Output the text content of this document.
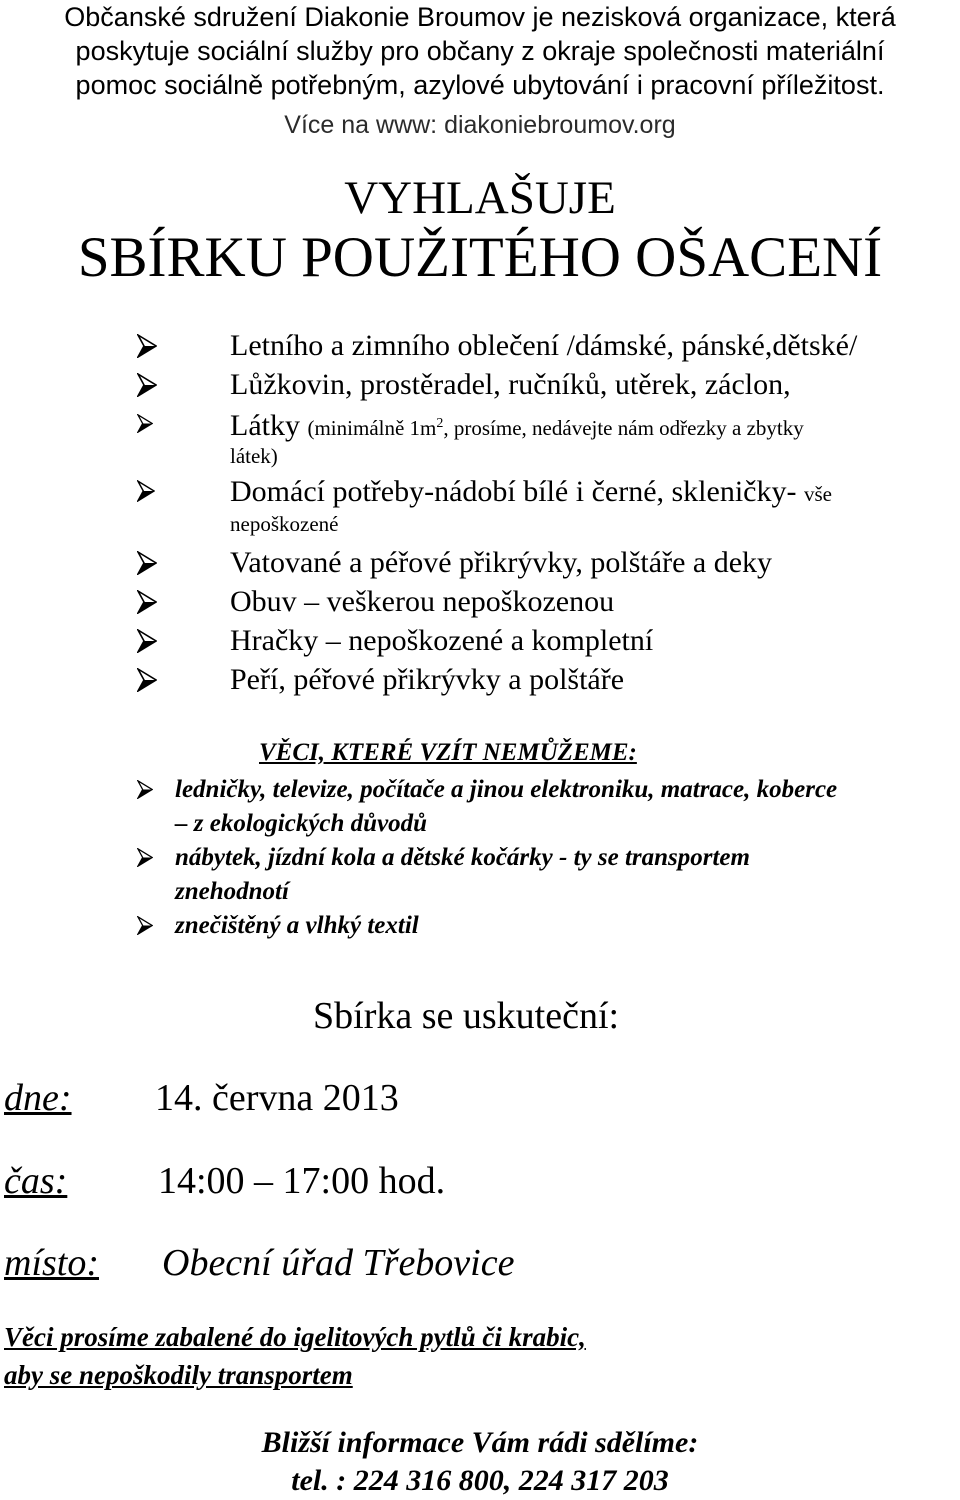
Občanské sdružení Diakonie Broumov je nezisková organizace, která
poskytuje sociální služby pro občany z okraje společnosti materiální
pomoc sociálně potřebným, azylové ubytování i pracovní příležitost.
Více na www: diakoniebroumov.org
VYHLAŠUJE
SBÍRKU POUŽITÉHO OŠACENÍ
Letního a zimního oblečení /dámské, pánské,dětské/
Lůžkovin, prostěradel, ručníků, utěrek, záclon,
Látky (minimálně $1m^2$, prosíme, nedávejte nám odřezky a zbytky
látek)
Domácí potřeby-nádobí bílé i černé, skleničky- vše
nepoškozené
Vatované a péřové přikrývky, polštáře a deky
Obuv – veškerou nepoškozenou
Hračky – nepoškozené a kompletní
Peří, péřové přikrývky a polštáře
VĚCI, KTERÉ VZÍT NEMŮŽEME:
ledničky, televize, počítače a jinou elektroniku, matrace, koberce
– z ekologických důvodů
nábytek, jízdní kola a dětské kočárky - ty se transportem
znehodnotí
znečištěný a vlhký textil
Sbírka se uskuteční:
dne: 14. června 2013
čas: 14:00 – 17:00 hod.
místo: Obecní úřad Třebovice
Věci prosíme zabalené do igelitových pytlů či krabic,
aby se nepoškodily transportem
Bližší informace Vám rádi sdělíme:
tel. : 224 316 800, 224 317 203
